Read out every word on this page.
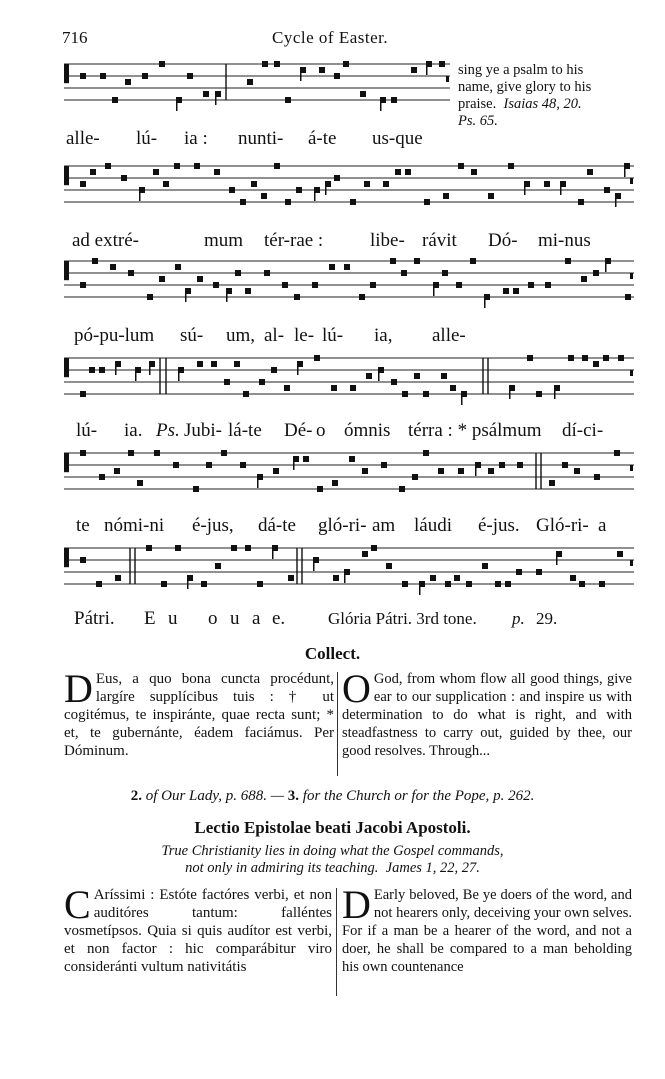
716	Cycle of Easter.
sing ye a psalm to his
name, give glory to his
praise. Isaias 48, 20.
Ps. 65.
alle- lú- ia : nunti- á-te us-que
ad extré-	mum tér-rae : libe- rávit Dó- mi-nus
pó-pu-lum sú- um, al- le- lú- ia, alle-
lú- ia. Ps. Jubi- lá-te Dé- o ómnis térra : * psálmum dí-ci-
te nómi-ni é-jus, dá-te gló-ri- am láudi é-jus. Gló-ri- a
Pátri. E u o u a e.	Glória Pátri. 3rd tone. p. 29.
Collect.
D Eus, a quo bona cuncta procédunt, largíre supplícibus tuis : † ut cogitémus, te inspiránte, quae recta sunt; * et, te gubernánte, éadem faciámus. Per Dóminum.
O God, from whom flow all good things, give ear to our supplication : and inspire us with determination to do what is right, and with steadfastness to carry out, guided by thee, our good resolves. Through...
2. of Our Lady, p. 688. — 3. for the Church or for the Pope, p. 262.
Lectio Epistolae beati Jacobi Apostoli.
True Christianity lies in doing what the Gospel commands,
not only in admiring its teaching. James 1, 22, 27.
C Aríssimi : Estóte factóres verbi, et non auditóres tantum: falléntes vosmetípsos. Quia si quis audítor est verbi, et non factor : hic comparábitur viro consideránti vultum nativitátis
D Early beloved, Be ye doers of the word, and not hearers only, deceiving your own selves. For if a man be a hearer of the word, and not a doer, he shall be compared to a man beholding his own countenance
